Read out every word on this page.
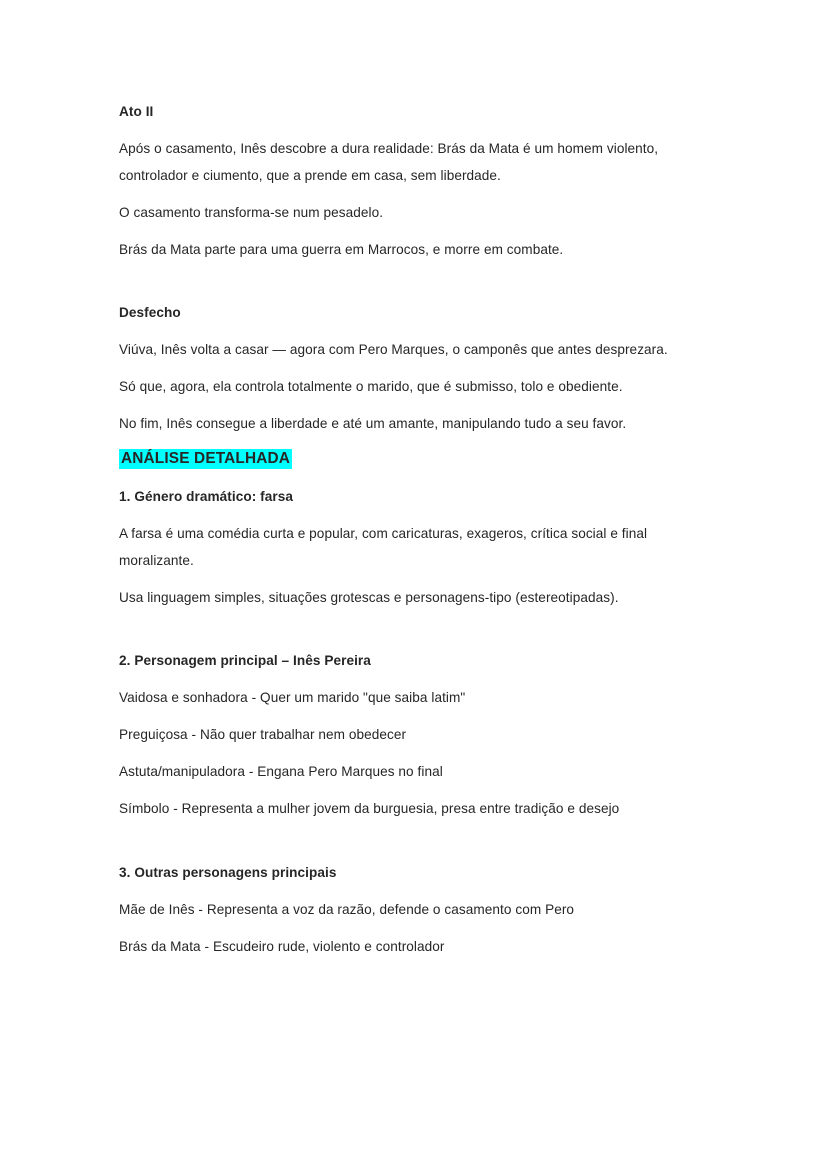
Ato II

Após o casamento, Inês descobre a dura realidade: Brás da Mata é um homem violento, controlador e ciumento, que a prende em casa, sem liberdade.

O casamento transforma-se num pesadelo.

Brás da Mata parte para uma guerra em Marrocos, e morre em combate.

Desfecho

Viúva, Inês volta a casar — agora com Pero Marques, o camponês que antes desprezara.

Só que, agora, ela controla totalmente o marido, que é submisso, tolo e obediente.

No fim, Inês consegue a liberdade e até um amante, manipulando tudo a seu favor.

ANÁLISE DETALHADA
1. Género dramático: farsa

A farsa é uma comédia curta e popular, com caricaturas, exageros, crítica social e final moralizante.

Usa linguagem simples, situações grotescas e personagens-tipo (estereotipadas).

2. Personagem principal – Inês Pereira

Vaidosa e sonhadora - Quer um marido "que saiba latim"

Preguiçosa - Não quer trabalhar nem obedecer

Astuta/manipuladora - Engana Pero Marques no final

Símbolo - Representa a mulher jovem da burguesia, presa entre tradição e desejo

3. Outras personagens principais

Mãe de Inês - Representa a voz da razão, defende o casamento com Pero

Brás da Mata - Escudeiro rude, violento e controlador
